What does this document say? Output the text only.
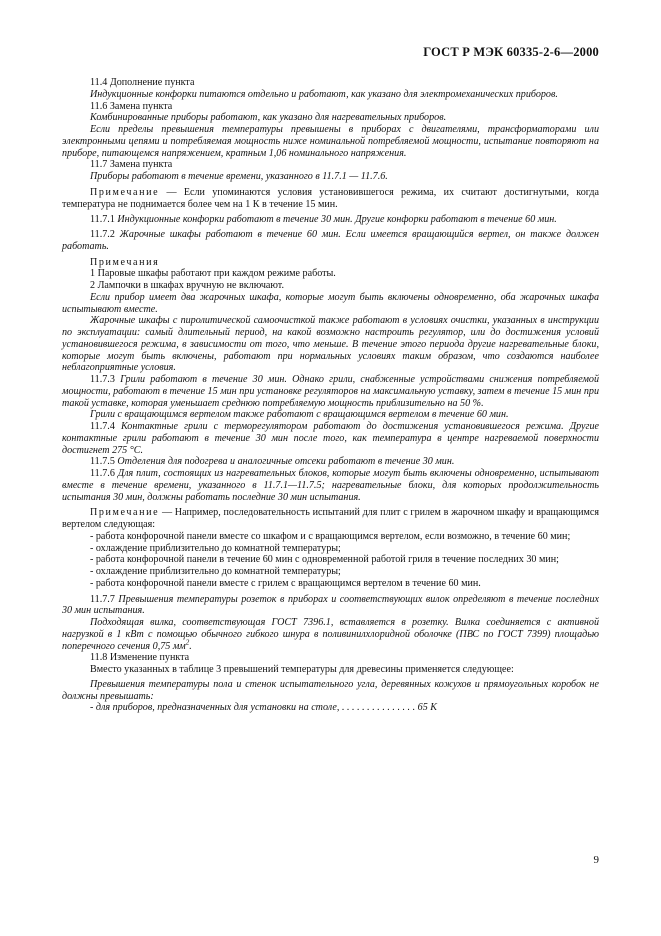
ГОСТ Р МЭК 60335-2-6—2000

11.4 Дополнение пункта

Индукционные конфорки питаются отдельно и работают, как указано для электромеханических приборов.

11.6 Замена пункта

Комбинированные приборы работают, как указано для нагревательных приборов.

Если пределы превышения температуры превышены в приборах с двигателями, трансформаторами или электронными цепями и потребляемая мощность ниже номинальной потребляемой мощности, испытание повторяют на приборе, питающемся напряжением, кратным 1,06 номинального напряжения.

11.7 Замена пункта

Приборы работают в течение времени, указанного в 11.7.1 — 11.7.6.

Примечание — Если упоминаются условия установившегося режима, их считают достигнутыми, когда температура не поднимается более чем на 1 К в течение 15 мин.

11.7.1 Индукционные конфорки работают в течение 30 мин. Другие конфорки работают в течение 60 мин.

11.7.2 Жарочные шкафы работают в течение 60 мин. Если имеется вращающийся вертел, он также должен работать.

Примечания

1 Паровые шкафы работают при каждом режиме работы.

2 Лампочки в шкафах вручную не включают.

Если прибор имеет два жарочных шкафа, которые могут быть включены одновременно, оба жарочных шкафа испытывают вместе.

Жарочные шкафы с пиролитической самоочисткой также работают в условиях очистки, указанных в инструкции по эксплуатации: самый длительный период, на какой возможно настроить регулятор, или до достижения условий установившегося режима, в зависимости от того, что меньше. В течение этого периода другие нагревательные блоки, которые могут быть включены, работают при нормальных условиях таким образом, что создаются наиболее неблагоприятные условия.

11.7.3 Грили работают в течение 30 мин. Однако грили, снабженные устройствами снижения потребляемой мощности, работают в течение 15 мин при установке регуляторов на максимальную уставку, затем в течение 15 мин при такой уставке, которая уменьшает среднюю потребляемую мощность приблизительно на 50 %.

Грили с вращающимся вертелом также работают с вращающимся вертелом в течение 60 мин.

11.7.4 Контактные грили с терморегулятором работают до достижения установившегося режима. Другие контактные грили работают в течение 30 мин после того, как температура в центре нагреваемой поверхности достигнет 275 °С.

11.7.5 Отделения для подогрева и аналогичные отсеки работают в течение 30 мин.

11.7.6 Для плит, состоящих из нагревательных блоков, которые могут быть включены одновременно, испытывают вместе в течение времени, указанного в 11.7.1—11.7.5; нагревательные блоки, для которых продолжительность испытания 30 мин, должны работать последние 30 мин испытания.

Примечание — Например, последовательность испытаний для плит с грилем в жарочном шкафу и вращающимся вертелом следующая:

- работа конфорочной панели вместе со шкафом и с вращающимся вертелом, если возможно, в течение 60 мин;

- охлаждение приблизительно до комнатной температуры;

- работа конфорочной панели в течение 60 мин с одновременной работой гриля в течение последних 30 мин;

- охлаждение приблизительно до комнатной температуры;

- работа конфорочной панели вместе с грилем с вращающимся вертелом в течение 60 мин.

11.7.7 Превышения температуры розеток в приборах и соответствующих вилок определяют в течение последних 30 мин испытания.

Подходящая вилка, соответствующая ГОСТ 7396.1, вставляется в розетку. Вилка соединяется с активной нагрузкой в 1 кВт с помощью обычного гибкого шнура в поливинилхлоридной оболочке (ПВС по ГОСТ 7399) площадью поперечного сечения 0,75 $мм^2$.

11.8 Изменение пункта

Вместо указанных в таблице 3 превышений температуры для древесины применяется следующее:

Превышения температуры пола и стенок испытательного угла, деревянных кожухов и прямоугольных коробок не должны превышать:

- для приборов, предназначенных для установки на столе, . . . . . . . . . . . . . . . 65 К

9
